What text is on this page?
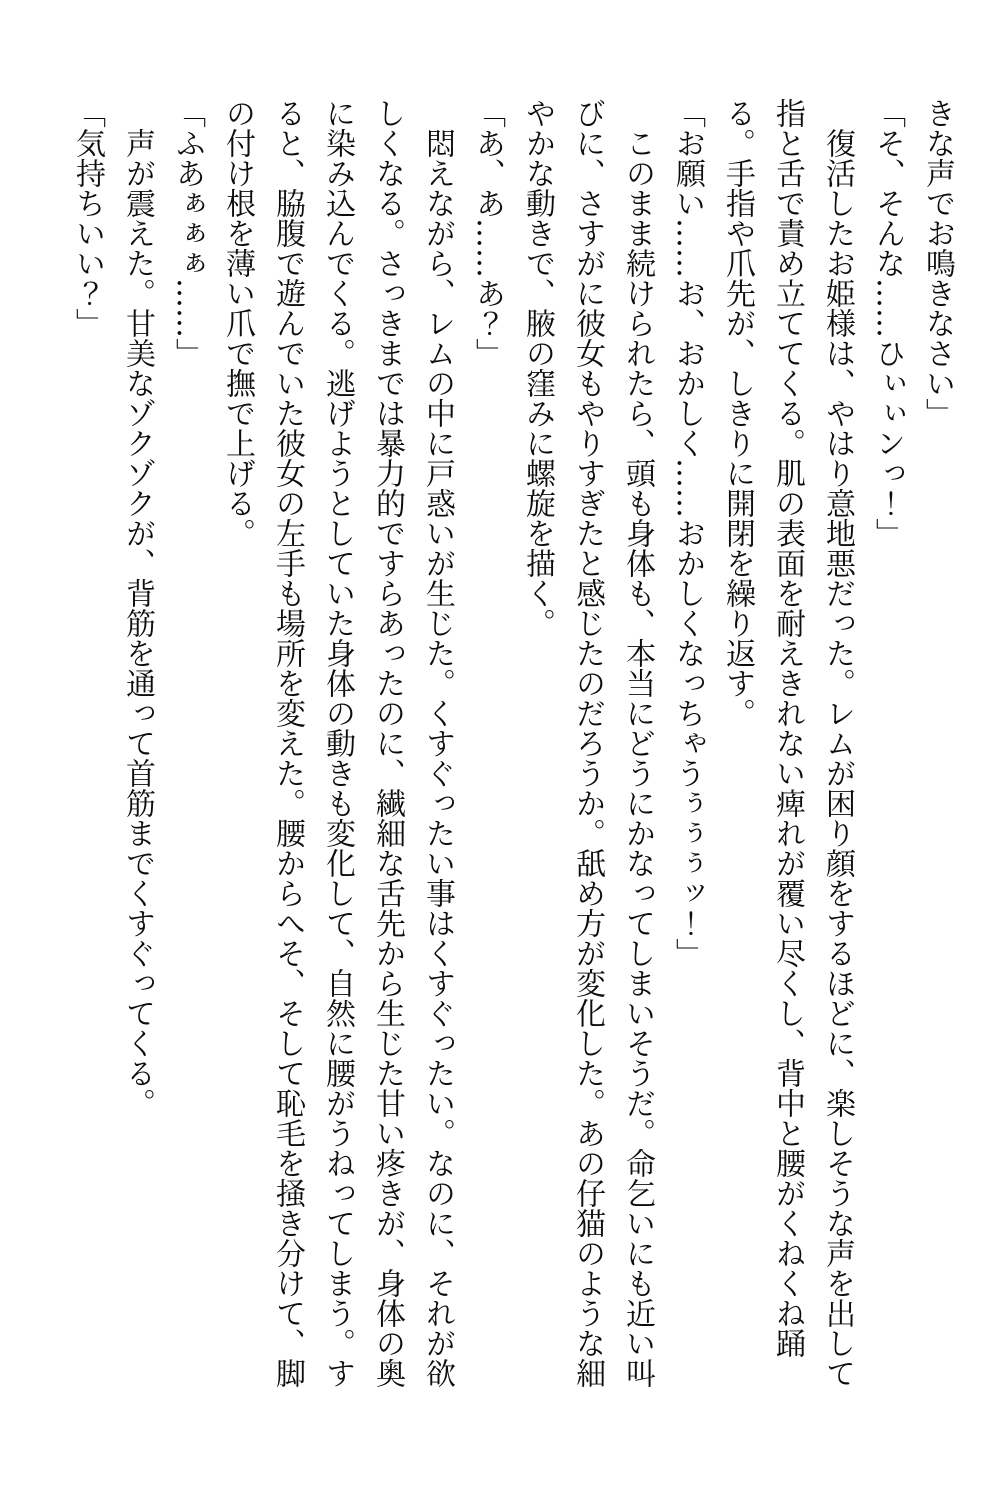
きな声でお鳴きなさい」

「そ、そんな……ひぃぃンっ！」

復活したお姫様は、やはり意地悪だった。レムが困り顔をするほどに、楽しそうな声を出して指と舌で責め立ててくる。肌の表面を耐えきれない痺れが覆い尽くし、背中と腰がくねくね踊る。手指や爪先が、しきりに開閉を繰り返す。

「お願い……お、おかしく……おかしくなっちゃうぅぅぅッ！」

このまま続けられたら、頭も身体も、本当にどうにかなってしまいそうだ。命乞いにも近い叫びに、さすがに彼女もやりすぎたと感じたのだろうか。舐め方が変化した。あの仔猫のような細やかな動きで、腋の窪みに螺旋を描く。

「あ、あ……あ？」

悶えながら、レムの中に戸惑いが生じた。くすぐったい事はくすぐったい。なのに、それが欲しくなる。さっきまでは暴力的ですらあったのに、繊細な舌先から生じた甘い疼きが、身体の奥に染み込んでくる。逃げようとしていた身体の動きも変化して、自然に腰がうねってしまう。すると、脇腹で遊んでいた彼女の左手も場所を変えた。腰からへそ、そして恥毛を掻き分けて、脚の付け根を薄い爪で撫で上げる。

「ふあぁぁぁ……」

声が震えた。甘美なゾクゾクが、背筋を通って首筋までくすぐってくる。

「気持ちいい？」
